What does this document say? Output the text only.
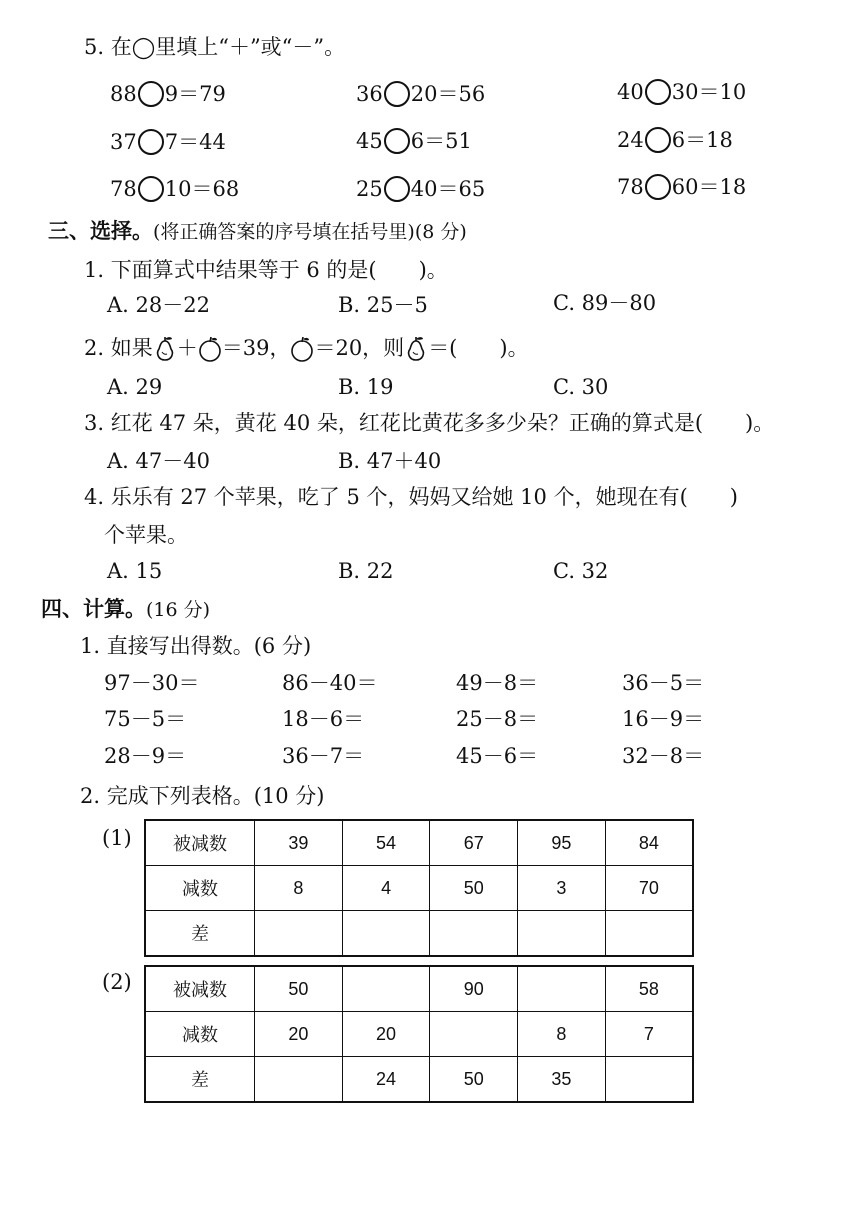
5. 在◯里填上“＋”或“－”。
88 9＝79	36 20＝56	40 30＝10
37 7＝44	45 6＝51	24 6＝18
78 10＝68	25 40＝65	78 60＝18
三、选择。(将正确答案的序号填在括号里)(8 分)
1. 下面算式中结果等于 6 的是(　　)。
A. 28－22	B. 25－5	C. 89－80
2. 如果 ＋ ＝39， ＝20，则 ＝(　　)。
A. 29	B. 19	C. 30
3. 红花 47 朵，黄花 40 朵，红花比黄花多多少朵？正确的算式是(　　)。
A. 47－40	B. 47＋40
4. 乐乐有 27 个苹果，吃了 5 个，妈妈又给她 10 个，她现在有(　　)
个苹果。
A. 15	B. 22	C. 32
四、计算。(16 分)
1. 直接写出得数。(6 分)
97－30＝	86－40＝	49－8＝	36－5＝
75－5＝	18－6＝	25－8＝	16－9＝
28－9＝	36－7＝	45－6＝	32－8＝
2. 完成下列表格。(10 分)
(1) 被减数	39	54	67	95	84
减数	8	4	50	3	70
差					
(2) 被减数	50		90		58
减数	20	20		8	7
差		24	50	35	
